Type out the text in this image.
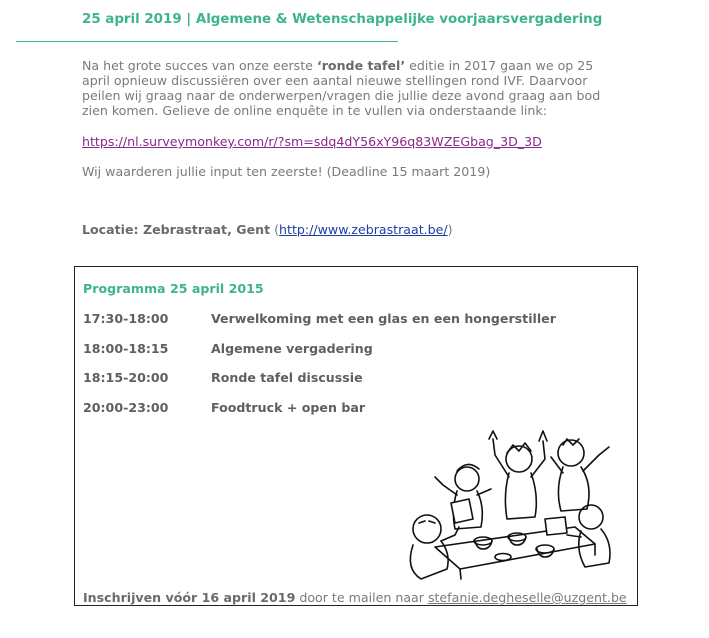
25 april 2019 | Algemene & Wetenschappelijke voorjaarsvergadering
Na het grote succes van onze eerste ‘ronde tafel’ editie in 2017 gaan we op 25 april opnieuw discussiëren over een aantal nieuwe stellingen rond IVF. Daarvoor peilen wij graag naar de onderwerpen/vragen die jullie deze avond graag aan bod zien komen. Gelieve de online enquête in te vullen via onderstaande link:
https://nl.surveymonkey.com/r/?sm=sdq4dY56xY96q83WZEGbag_3D_3D
Wij waarderen jullie input ten zeerste! (Deadline 15 maart 2019)
Locatie: Zebrastraat, Gent (http://www.zebrastraat.be/)
Programma 25 april 2015
17:30-18:00	Verwelkoming met een glas en een hongerstiller
18:00-18:15	Algemene vergadering
18:15-20:00	Ronde tafel discussie
20:00-23:00	Foodtruck + open bar
Inschrijven vóór 16 april 2019 door te mailen naar stefanie.degheselle@uzgent.be
